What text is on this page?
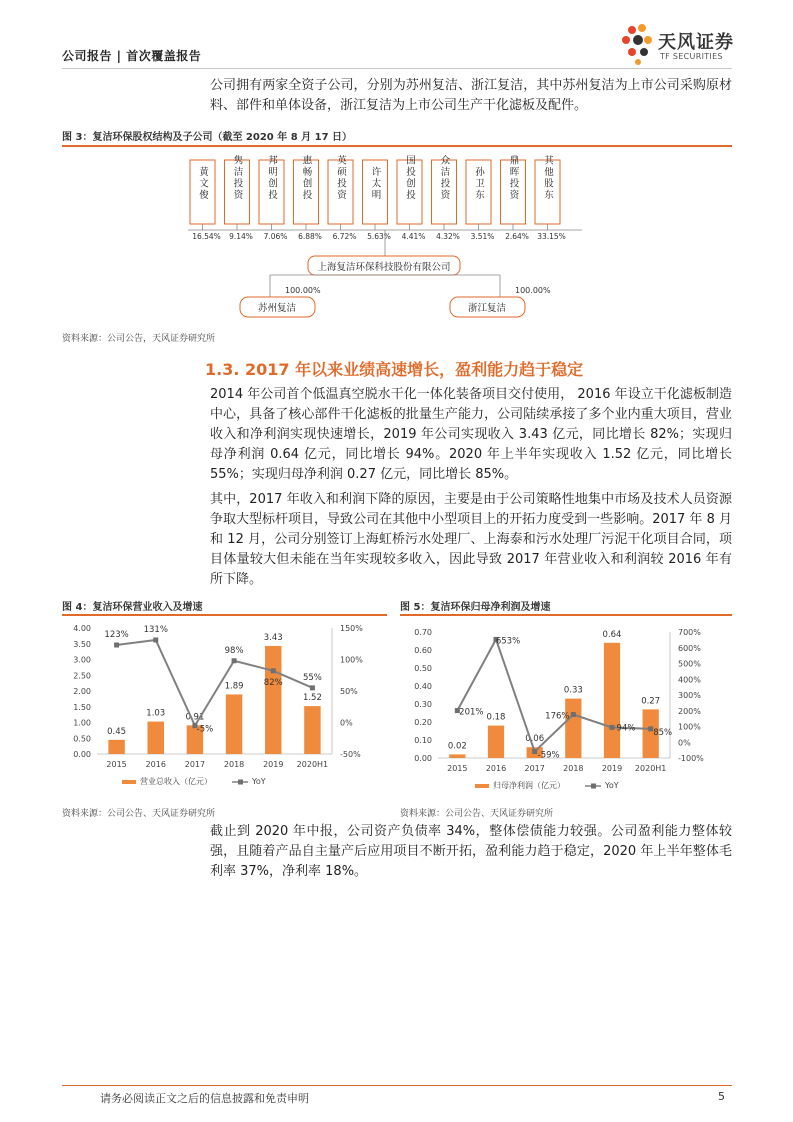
公司报告 | 首次覆盖报告
天风证券
TF SECURITIES
公司拥有两家全资子公司，分别为苏州复洁、浙江复洁，其中苏州复洁为上市公司采购原材料、部件和单体设备，浙江复洁为上市公司生产干化滤板及配件。
图 3：复洁环保股权结构及子公司（截至 2020 年 8 月 17 日）
黄文俊
16.54%
隽洁投资
9.14%
邦明创投
7.06%
惠畅创投
6.88%
英硕投资
6.72%
许太明
5.63%
国投创投
4.41%
众洁投资
4.32%
孙卫东
3.51%
鼎晖投资
2.64%
其他股东
33.15%
上海复洁环保科技股份有限公司
100.00%	100.00%
苏州复洁	浙江复洁
资料来源：公司公告，天风证券研究所
1.3. 2017 年以来业绩高速增长，盈利能力趋于稳定
2014 年公司首个低温真空脱水干化一体化装备项目交付使用， 2016 年设立干化滤板制造中心，具备了核心部件干化滤板的批量生产能力，公司陆续承接了多个业内重大项目，营业收入和净利润实现快速增长，2019 年公司实现收入 3.43 亿元，同比增长 82%；实现归母净利润 0.64 亿元，同比增长 94%。2020 年上半年实现收入 1.52 亿元，同比增长 55%；实现归母净利润 0.27 亿元，同比增长 85%。
其中，2017 年收入和利润下降的原因，主要是由于公司策略性地集中市场及技术人员资源争取大型标杆项目，导致公司在其他中小型项目上的开拓力度受到一些影响。2017 年 8 月和 12 月，公司分别签订上海虹桥污水处理厂、上海泰和污水处理厂污泥干化项目合同，项目体量较大但未能在当年实现较多收入，因此导致 2017 年营业收入和利润较 2016 年有所下降。
图 4：复洁环保营业收入及增速	图 5：复洁环保归母净利润及增速
0.00
0.50
1.00
1.50
2.00
2.50
3.00
3.50
4.00
-50%
0%
50%
100%
150%
0.45
1.03 0.91
1.89
3.43
1.52
2015 2016 2017 2018 2019 2020H1
123%
131%
-5%
98%
82% 55%
营业总收入（亿元）	YoY
0.00
0.10
0.20
0.30
0.40
0.50
0.60
0.70
-100%
0%
100%
200%
300%
400%
500%
600%
700%
0.02
0.18
0.06
0.33
0.64
0.27
2015 2016 2017 2018 2019 2020H1
201%
653%
-59%
176%
94% 85%
归母净利润（亿元）	YoY
资料来源：公司公告、天风证券研究所	资料来源：公司公告、天风证券研究所
截止到 2020 年中报，公司资产负债率 34%，整体偿债能力较强。公司盈利能力整体较强，且随着产品自主量产后应用项目不断开拓，盈利能力趋于稳定，2020 年上半年整体毛利率 37%，净利率 18%。
请务必阅读正文之后的信息披露和免责申明	5
